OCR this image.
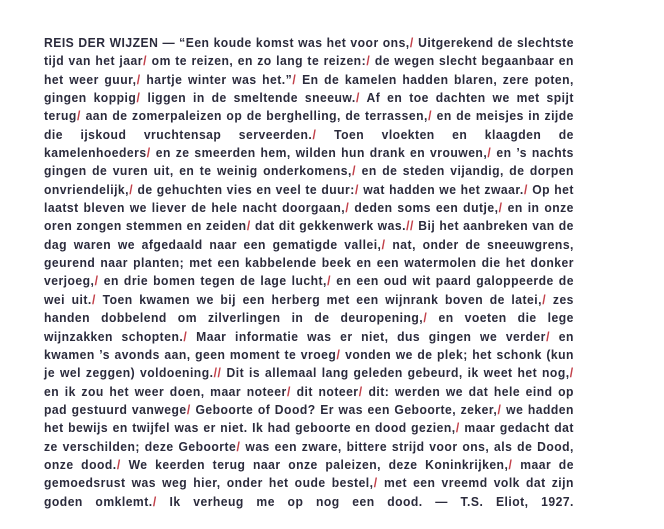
REIS DER WIJZEN — “Een koude komst was het voor ons,/ Uitgerekend de slechtste tijd van het jaar/ om te reizen, en zo lang te reizen:/ de wegen slecht begaanbaar en het weer guur,/ hartje winter was het.”/ En de kamelen hadden blaren, zere poten, gingen koppig/ liggen in de smeltende sneeuw./ Af en toe dachten we met spijt terug/ aan de zomerpaleizen op de berghelling, de terrassen,/ en de meisjes in zijde die ijskoud vruchtensap serveerden./ Toen vloekten en klaagden de kamelenhoeders/ en ze smeerden hem, wilden hun drank en vrouwen,/ en ’s nachts gingen de vuren uit, en te weinig onderkomens,/ en de steden vijandig, de dorpen onvriendelijk,/ de gehuchten vies en veel te duur:/ wat hadden we het zwaar./ Op het laatst bleven we liever de hele nacht doorgaan,/ deden soms een dutje,/ en in onze oren zongen stemmen en zeiden/ dat dit gekkenwerk was.// Bij het aanbreken van de dag waren we afgedaald naar een gematigde vallei,/ nat, onder de sneeuwgrens, geurend naar planten; met een kabbelende beek en een watermolen die het donker verjoeg,/ en drie bomen tegen de lage lucht,/ en een oud wit paard galoppeerde de wei uit./ Toen kwamen we bij een herberg met een wijnrank boven de latei,/ zes handen dobbelend om zilverlingen in de deuropening,/ en voeten die lege wijnzakken schopten./ Maar informatie was er niet, dus gingen we verder/ en kwamen ’s avonds aan, geen moment te vroeg/ vonden we de plek; het schonk (kun je wel zeggen) voldoening.// Dit is allemaal lang geleden gebeurd, ik weet het nog,/ en ik zou het weer doen, maar noteer/ dit noteer/ dit: werden we dat hele eind op pad gestuurd vanwege/ Geboorte of Dood? Er was een Geboorte, zeker,/ we hadden het bewijs en twijfel was er niet. Ik had geboorte en dood gezien,/ maar gedacht dat ze verschilden; deze Geboorte/ was een zware, bittere strijd voor ons, als de Dood, onze dood./ We keerden terug naar onze paleizen, deze Koninkrijken,/ maar de gemoedsrust was weg hier, onder het oude bestel,/ met een vreemd volk dat zijn goden omklemt./ Ik verheug me op nog een dood. — T.S. Eliot, 1927.
